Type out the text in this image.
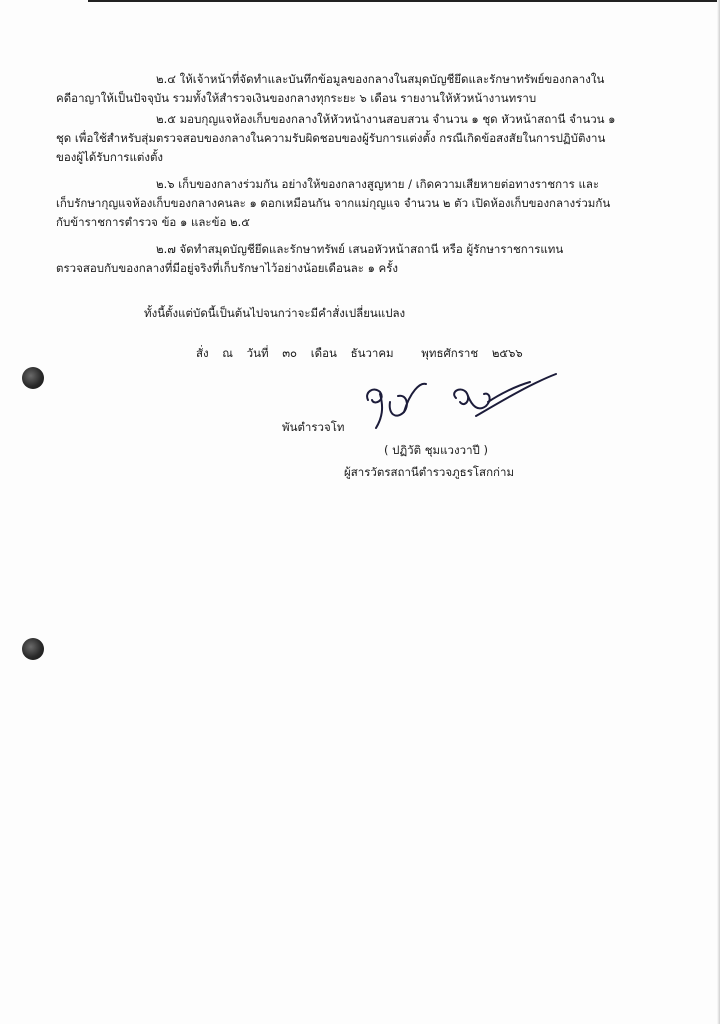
๒.๔ ให้เจ้าหน้าที่จัดทำและบันทึกข้อมูลของกลางในสมุดบัญชียึดและรักษาทรัพย์ของกลางใน
คดีอาญาให้เป็นปัจจุบัน รวมทั้งให้สำรวจเงินของกลางทุกระยะ ๖ เดือน รายงานให้หัวหน้างานทราบ

๒.๕ มอบกุญแจห้องเก็บของกลางให้หัวหน้างานสอบสวน จำนวน ๑ ชุด หัวหน้าสถานี จำนวน ๑
ชุด เพื่อใช้สำหรับสุ่มตรวจสอบของกลางในความรับผิดชอบของผู้รับการแต่งตั้ง กรณีเกิดข้อสงสัยในการปฏิบัติงาน
ของผู้ได้รับการแต่งตั้ง

๒.๖ เก็บของกลางร่วมกัน อย่างให้ของกลางสูญหาย / เกิดความเสียหายต่อทางราชการ และ
เก็บรักษากุญแจห้องเก็บของกลางคนละ ๑ ดอกเหมือนกัน จากแม่กุญแจ จำนวน ๒ ตัว เปิดห้องเก็บของกลางร่วมกัน
กับข้าราชการตำรวจ ข้อ ๑ และข้อ ๒.๕

๒.๗ จัดทำสมุดบัญชียึดและรักษาทรัพย์ เสนอหัวหน้าสถานี หรือ ผู้รักษาราชการแทน
ตรวจสอบกับของกลางที่มีอยู่จริงที่เก็บรักษาไว้อย่างน้อยเดือนละ ๑ ครั้ง

ทั้งนี้ตั้งแต่บัดนี้เป็นต้นไปจนกว่าจะมีคำสั่งเปลี่ยนแปลง
สั่ง ณ วันที่ ๓๐ เดือน ธันวาคม พุทธศักราช ๒๕๖๖
พันตำรวจโท
( ปฏิวัติ ชุมแวงวาปี )
ผู้สารวัตรสถานีตำรวจภูธรโสกก่าม
